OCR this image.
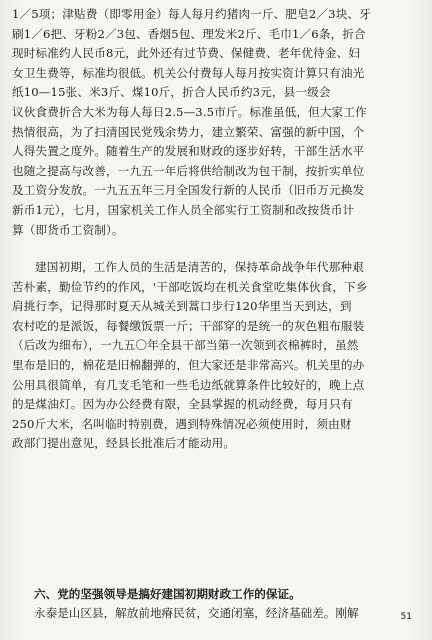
1／5项；津贴费（即零用金）每人每月约猪肉一斤、肥皂2／3块、牙
刷1／6把、牙粉2／3包、香烟5包、理发米2斤、毛巾1／6条，折合
现时标准约人民币8元，此外还有过节费、保健费、老年优待金、妇
女卫生费等，标准均很低。机关公付费每人每月按实资计算只有油光
纸10—15张、米3斤、煤10斤，折合人民币约3元，县一级会
议伙食费折合大米为每人每日2.5—3.5市斤。标准虽低，但大家工作
热情很高，为了扫清国民党残余势力，建立繁荣、富强的新中国，个
人得失置之度外。随着生产的发展和财政的逐步好转，干部生活水平
也随之提高与改善，一九五一年后将供给制改为包干制，按折实单位
及工资分发放。一九五五年三月全国发行新的人民币（旧币万元换发
新币1元），七月，国家机关工作人员全部实行工资制和改按货币计
算（即货币工资制）。
建国初期，工作人员的生活是清苦的，保持革命战争年代那种艰
苦朴素，勤俭节约的作风，'干部吃饭均在机关食堂吃集体伙食，下乡
肩挑行李，记得那时夏天从城关到蒿口步行120华里当天到达，到
农村吃的是派饭，每餐缴饭票一斤；干部穿的是统一的灰色粗布服装
（后改为细布），一九五〇年全县干部当第一次领到衣棉裤时，虽然
里布是旧的，棉花是旧棉翻弹的，但大家还是非常高兴。机关里的办
公用具很简单，有几支毛笔和一些毛边纸就算条件比较好的，晚上点
的是煤油灯。因为办公经费有限，全县掌握的机动经费，每月只有
250斤大米，名叫临时特别费，遇到特殊情况必须使用时，须由财
政部门提出意见，经县长批准后才能动用。
六、党的坚强领导是搞好建国初期财政工作的保证。
永泰是山区县，解放前地瘠民贫，交通闭塞，经济基础差。刚解	51
